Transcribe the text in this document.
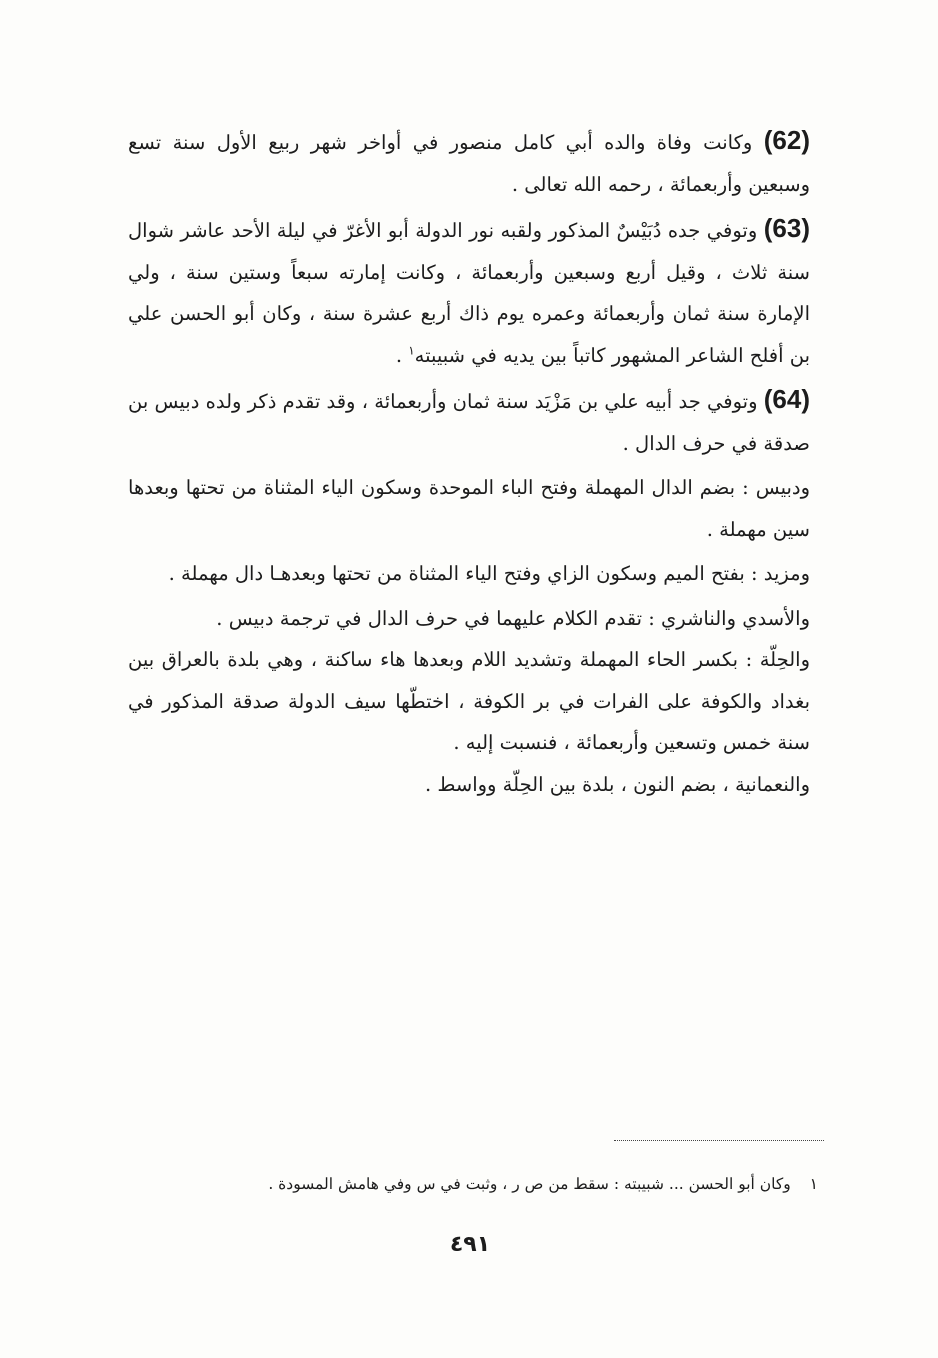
(62) وكانت وفاة والده أبي كامل منصور في أواخر شهر ربيع الأول سنة تسع وسبعين وأربعمائة ، رحمه الله تعالى .

(63) وتوفي جده دُبَيْسٌ المذكور ولقبه نور الدولة أبو الأغرّ في ليلة الأحد عاشر شوال سنة ثلاث ، وقيل أربع وسبعين وأربعمائة ، وكانت إمارته سبعاً وستين سنة ، ولي الإمارة سنة ثمان وأربعمائة وعمره يوم ذاك أربع عشرة سنة ، وكان أبو الحسن علي بن أفلح الشاعر المشهور كاتباً بين يديه في شبيبته$^١$ .

(64) وتوفي جد أبيه علي بن مَزْيَد سنة ثمان وأربعمائة ، وقد تقدم ذكر ولده دبيس بن صدقة في حرف الدال .

ودبيس : بضم الدال المهملة وفتح الباء الموحدة وسكون الياء المثناة من تحتها وبعدها سين مهملة .

ومزيد : بفتح الميم وسكون الزاي وفتح الياء المثناة من تحتها وبعدهـا دال مهملة .

والأسدي والناشري : تقدم الكلام عليهما في حرف الدال في ترجمة دبيس .

والحِلّة : بكسر الحاء المهملة وتشديد اللام وبعدها هاء ساكنة ، وهي بلدة بالعراق بين بغداد والكوفة على الفرات في بر الكوفة ، اختطّها سيف الدولة صدقة المذكور في سنة خمس وتسعين وأربعمائة ، فنسبت إليه .

والنعمانية ، بضم النون ، بلدة بين الحِلّة وواسط .

١ وكان أبو الحسن ... شبيبته : سقط من ص ر ، وثبت في س وفي هامش المسودة .
٤٩١
